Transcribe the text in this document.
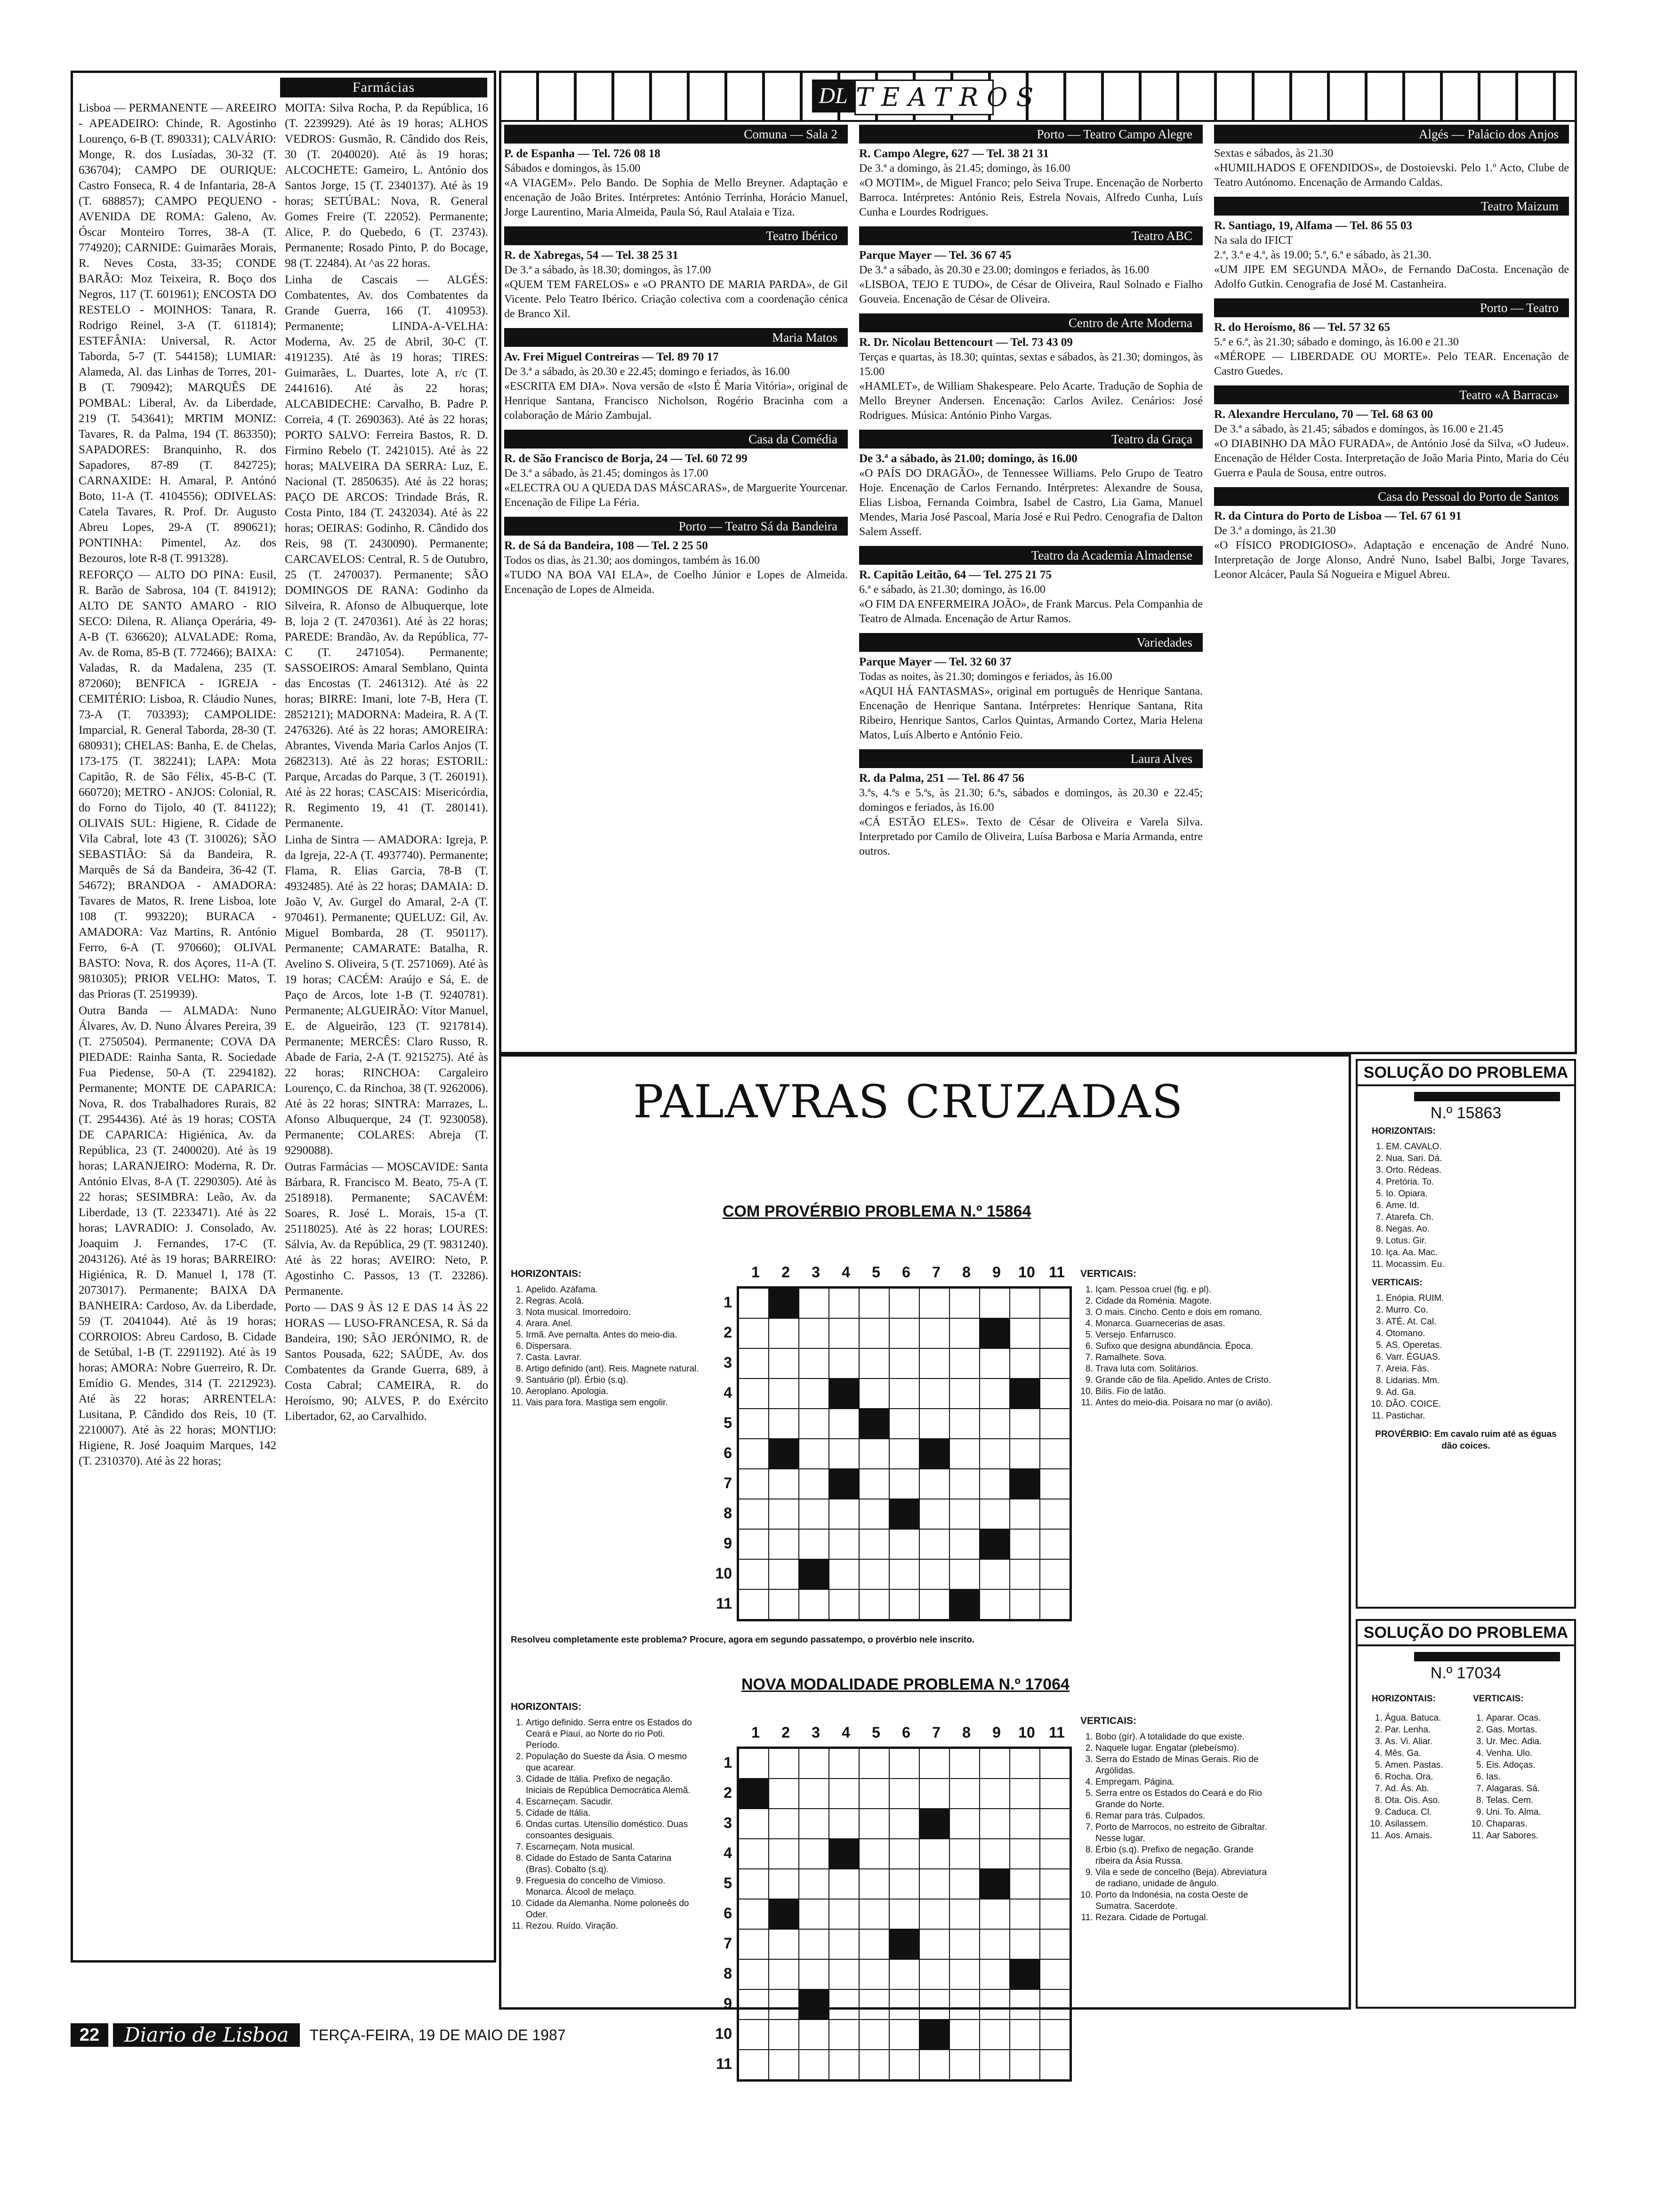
Farmácias

Lisboa — PERMANENTE — AREEIRO - APEADEIRO: Chinde, R. Agostinho Lourenço, 6-B (T. 890331); CALVÁRIO: Monge, R. dos Lusíadas, 30-32 (T. 636704); CAMPO DE OURIQUE: Castro Fonseca, R. 4 de Infantaria, 28-A (T. 688857); CAMPO PEQUENO - AVENIDA DE ROMA: Galeno, Av. Óscar Monteiro Torres, 38-A (T. 774920); CARNIDE: Guimarães Morais, R. Neves Costa, 33-35; CONDE BARÃO: Moz Teixeira, R. Boço dos Negros, 117 (T. 601961); ENCOSTA DO RESTELO - MOINHOS: Tanara, R. Rodrigo Reinel, 3-A (T. 611814); ESTEFÂNIA: Universal, R. Actor Taborda, 5-7 (T. 544158); LUMIAR: Alameda, Al. das Linhas de Torres, 201-B (T. 790942); MARQUÊS DE POMBAL: Liberal, Av. da Liberdade, 219 (T. 543641); MRTIM MONIZ: Tavares, R. da Palma, 194 (T. 863350); SAPADORES: Branquinho, R. dos Sapadores, 87-89 (T. 842725); CARNAXIDE: H. Amaral, P. Antónó Boto, 11-A (T. 4104556); ODIVELAS: Catela Tavares, R. Prof. Dr. Augusto Abreu Lopes, 29-A (T. 890621); PONTINHA: Pimentel, Az. dos Bezouros, lote R-8 (T. 991328).

REFORÇO — ALTO DO PINA: Eusil, R. Barão de Sabrosa, 104 (T. 841912); ALTO DE SANTO AMARO - RIO SECO: Dilena, R. Aliança Operária, 49-A-B (T. 636620); ALVALADE: Roma, Av. de Roma, 85-B (T. 772466); BAIXA: Valadas, R. da Madalena, 235 (T. 872060); BENFICA - IGREJA - CEMITÉRIO: Lisboa, R. Cláudio Nunes, 73-A (T. 703393); CAMPOLIDE: Imparcial, R. General Taborda, 28-30 (T. 680931); CHELAS: Banha, E. de Chelas, 173-175 (T. 382241); LAPA: Mota Capitão, R. de São Félix, 45-B-C (T. 660720); METRO - ANJOS: Colonial, R. do Forno do Tijolo, 40 (T. 841122); OLIVAIS SUL: Higiene, R. Cidade de Vila Cabral, lote 43 (T. 310026); SÃO SEBASTIÃO: Sá da Bandeira, R. Marquês de Sá da Bandeira, 36-42 (T. 54672); BRANDOA - AMADORA: Tavares de Matos, R. Irene Lisboa, lote 108 (T. 993220); BURACA - AMADORA: Vaz Martins, R. António Ferro, 6-A (T. 970660); OLIVAL BASTO: Nova, R. dos Açores, 11-A (T. 9810305); PRIOR VELHO: Matos, T. das Prioras (T. 2519939).

Outra Banda — ALMADA: Nuno Álvares, Av. D. Nuno Álvares Pereira, 39 (T. 2750504). Permanente; COVA DA PIEDADE: Rainha Santa, R. Sociedade Fua Piedense, 50-A (T. 2294182). Permanente; MONTE DE CAPARICA: Nova, R. dos Trabalhadores Rurais, 82 (T. 2954436). Até às 19 horas; COSTA DE CAPARICA: Higiénica, Av. da República, 23 (T. 2400020). Até às 19 horas; LARANJEIRO: Moderna, R. Dr. António Elvas, 8-A (T. 2290305). Até às 22 horas; SESIMBRA: Leão, Av. da Liberdade, 13 (T. 2233471). Até às 22 horas; LAVRADIO: J. Consolado, Av. Joaquim J. Fernandes, 17-C (T. 2043126). Até às 19 horas; BARREIRO: Higiénica, R. D. Manuel I, 178 (T. 2073017). Permanente; BAIXA DA BANHEIRA: Cardoso, Av. da Liberdade, 59 (T. 2041044). Até às 19 horas; CORROIOS: Abreu Cardoso, B. Cidade de Setúbal, 1-B (T. 2291192). Até às 19 horas; AMORA: Nobre Guerreiro, R. Dr. Emídio G. Mendes, 314 (T. 2212923). Até às 22 horas; ARRENTELA: Lusitana, P. Cândido dos Reis, 10 (T. 2210007). Até às 22 horas; MONTIJO: Higiene, R. José Joaquim Marques, 142 (T. 2310370). Até às 22 horas;

MOITA: Silva Rocha, P. da República, 16 (T. 2239929). Até às 19 horas; ALHOS VEDROS: Gusmão, R. Cândido dos Reis, 30 (T. 2040020). Até às 19 horas; ALCOCHETE: Gameiro, L. António dos Santos Jorge, 15 (T. 2340137). Até às 19 horas; SETÚBAL: Nova, R. General Gomes Freire (T. 22052). Permanente; Alice, P. do Quebedo, 6 (T. 23743). Permanente; Rosado Pinto, P. do Bocage, 98 (T. 22484). At ^as 22 horas.

Linha de Cascais — ALGÉS: Combatentes, Av. dos Combatentes da Grande Guerra, 166 (T. 410953). Permanente; LINDA-A-VELHA: Moderna, Av. 25 de Abril, 30-C (T. 4191235). Até às 19 horas; TIRES: Guimarães, L. Duartes, lote A, r/c (T. 2441616). Até às 22 horas; ALCABIDECHE: Carvalho, B. Padre P. Correia, 4 (T. 2690363). Até às 22 horas; PORTO SALVO: Ferreira Bastos, R. D. Firmino Rebelo (T. 2421015). Até às 22 horas; MALVEIRA DA SERRA: Luz, E. Nacional (T. 2850635). Até às 22 horas; PAÇO DE ARCOS: Trindade Brás, R. Costa Pinto, 184 (T. 2432034). Até às 22 horas; OEIRAS: Godinho, R. Cândido dos Reis, 98 (T. 2430090). Permanente; CARCAVELOS: Central, R. 5 de Outubro, 25 (T. 2470037). Permanente; SÃO DOMINGOS DE RANA: Godinho da Silveira, R. Afonso de Albuquerque, lote B, loja 2 (T. 2470361). Até às 22 horas; PAREDE: Brandão, Av. da República, 77-C (T. 2471054). Permanente; SASSOEIROS: Amaral Semblano, Quinta das Encostas (T. 2461312). Até às 22 horas; BIRRE: Imani, lote 7-B, Hera (T. 2852121); MADORNA: Madeira, R. A (T. 2476326). Até às 22 horas; AMOREIRA: Abrantes, Vivenda Maria Carlos Anjos (T. 2682313). Até às 22 horas; ESTORIL: Parque, Arcadas do Parque, 3 (T. 260191). Até às 22 horas; CASCAIS: Misericórdia, R. Regimento 19, 41 (T. 280141). Permanente.

Linha de Sintra — AMADORA: Igreja, P. da Igreja, 22-A (T. 4937740). Permanente; Flama, R. Elias Garcia, 78-B (T. 4932485). Até às 22 horas; DAMAIA: D. João V, Av. Gurgel do Amaral, 2-A (T. 970461). Permanente; QUELUZ: Gil, Av. Miguel Bombarda, 28 (T. 950117). Permanente; CAMARATE: Batalha, R. Avelino S. Oliveira, 5 (T. 2571069). Até às 19 horas; CACÉM: Araújo e Sá, E. de Paço de Arcos, lote 1-B (T. 9240781). Permanente; ALGUEIRÃO: Vítor Manuel, E. de Algueirão, 123 (T. 9217814). Permanente; MERCÊS: Claro Russo, R. Abade de Faria, 2-A (T. 9215275). Até às 22 horas; RINCHOA: Cargaleiro Lourenço, C. da Rinchoa, 38 (T. 9262006). Até às 22 horas; SINTRA: Marrazes, L. Afonso Albuquerque, 24 (T. 9230058). Permanente; COLARES: Abreja (T. 9290088).

Outras Farmácias — MOSCAVIDE: Santa Bárbara, R. Francisco M. Beato, 75-A (T. 2518918). Permanente; SACAVÉM: Soares, R. José L. Morais, 15-a (T. 25118025). Até às 22 horas; LOURES: Sálvia, Av. da República, 29 (T. 9831240). Até às 22 horas; AVEIRO: Neto, P. Agostinho C. Passos, 13 (T. 23286). Permanente.

Porto — DAS 9 ÀS 12 E DAS 14 ÀS 22 HORAS — LUSO-FRANCESA, R. Sá da Bandeira, 190; SÃO JERÓNIMO, R. de Santos Pousada, 622; SAÚDE, Av. dos Combatentes da Grande Guerra, 689, à Costa Cabral; CAMEIRA, R. do Heroísmo, 90; ALVES, P. do Exército Libertador, 62, ao Carvalhido.

DL TEATROS
Comuna — Sala 2
P. de Espanha — Tel. 726 08 18
Sábados e domingos, às 15.00
«A VIAGEM». Pelo Bando. De Sophia de Mello Breyner. Adaptação e encenação de João Brites. Intérpretes: António Terrinha, Horácio Manuel, Jorge Laurentino, Maria Almeida, Paula Só, Raul Atalaia e Tiza.
Teatro Ibérico
R. de Xabregas, 54 — Tel. 38 25 31
De 3.ª a sábado, às 18.30; domingos, às 17.00
«QUEM TEM FARELOS» e «O PRANTO DE MARIA PARDA», de Gil Vicente. Pelo Teatro Ibérico. Criação colectiva com a coordenação cénica de Branco Xil.
Maria Matos
Av. Frei Miguel Contreiras — Tel. 89 70 17
De 3.ª a sábado, às 20.30 e 22.45; domingo e feriados, às 16.00
«ESCRITA EM DIA». Nova versão de «Isto É Maria Vitória», original de Henrique Santana, Francisco Nicholson, Rogério Bracinha com a colaboração de Mário Zambujal.
Casa da Comédia
R. de São Francisco de Borja, 24 — Tel. 60 72 99
De 3.ª a sábado, às 21.45; domingos às 17.00
«ELECTRA OU A QUEDA DAS MÁSCARAS», de Marguerite Yourcenar. Encenação de Filipe La Féria.
Porto — Teatro Sá da Bandeira
R. de Sá da Bandeira, 108 — Tel. 2 25 50
Todos os dias, às 21.30; aos domingos, também às 16.00
«TUDO NA BOA VAI ELA», de Coelho Júnior e Lopes de Almeida. Encenação de Lopes de Almeida.
Porto — Teatro Campo Alegre
R. Campo Alegre, 627 — Tel. 38 21 31
De 3.ª a domingo, às 21.45; domingo, às 16.00
«O MOTIM», de Miguel Franco; pelo Seiva Trupe. Encenação de Norberto Barroca. Intérpretes: António Reis, Estrela Novais, Alfredo Cunha, Luís Cunha e Lourdes Rodrigues.
Teatro ABC
Parque Mayer — Tel. 36 67 45
De 3.ª a sábado, às 20.30 e 23.00; domingos e feriados, às 16.00
«LISBOA, TEJO E TUDO», de César de Oliveira, Raul Solnado e Fialho Gouveia. Encenação de César de Oliveira.
Centro de Arte Moderna
R. Dr. Nicolau Bettencourt — Tel. 73 43 09
Terças e quartas, às 18.30; quintas, sextas e sábados, às 21.30; domingos, às 15.00
«HAMLET», de William Shakespeare. Pelo Acarte. Tradução de Sophia de Mello Breyner Andersen. Encenação: Carlos Avilez. Cenários: José Rodrigues. Música: António Pinho Vargas.
Teatro da Graça
De 3.ª a sábado, às 21.00; domingo, às 16.00
«O PAÍS DO DRAGÃO», de Tennessee Williams. Pelo Grupo de Teatro Hoje. Encenação de Carlos Fernando. Intérpretes: Alexandre de Sousa, Elias Lisboa, Fernanda Coimbra, Isabel de Castro, Lia Gama, Manuel Mendes, Maria José Pascoal, Maria José e Rui Pedro. Cenografia de Dalton Salem Asseff.
Teatro da Academia Almadense
R. Capitão Leitão, 64 — Tel. 275 21 75
6.ª e sábado, às 21.30; domingo, às 16.00
«O FIM DA ENFERMEIRA JOÃO», de Frank Marcus. Pela Companhia de Teatro de Almada. Encenação de Artur Ramos.
Variedades
Parque Mayer — Tel. 32 60 37
Todas as noites, às 21.30; domingos e feriados, às 16.00
«AQUI HÁ FANTASMAS», original em português de Henrique Santana. Encenação de Henrique Santana. Intérpretes: Henrique Santana, Rita Ribeiro, Henrique Santos, Carlos Quintas, Armando Cortez, Maria Helena Matos, Luís Alberto e António Feio.
Laura Alves
R. da Palma, 251 — Tel. 86 47 56
3.ªs, 4.ªs e 5.ªs, às 21.30; 6.ªs, sábados e domingos, às 20.30 e 22.45; domingos e feriados, às 16.00
«CÁ ESTÃO ELES». Texto de César de Oliveira e Varela Silva. Interpretado por Camilo de Oliveira, Luísa Barbosa e Maria Armanda, entre outros.
Algés — Palácio dos Anjos
Sextas e sábados, às 21.30
«HUMILHADOS E OFENDIDOS», de Dostoievski. Pelo 1.º Acto, Clube de Teatro Autónomo. Encenação de Armando Caldas.
Teatro Maizum
R. Santiago, 19, Alfama — Tel. 86 55 03
Na sala do IFICT
2.ª, 3.ª e 4.ª, às 19.00; 5.ª, 6.ª e sábado, às 21.30.
«UM JIPE EM SEGUNDA MÃO», de Fernando DaCosta. Encenação de Adolfo Gutkin. Cenografia de José M. Castanheira.
Porto — Teatro
R. do Heroísmo, 86 — Tel. 57 32 65
5.ª e 6.ª, às 21.30; sábado e domingo, às 16.00 e 21.30
«MÉROPE — LIBERDADE OU MORTE». Pelo TEAR. Encenação de Castro Guedes.
Teatro «A Barraca»
R. Alexandre Herculano, 70 — Tel. 68 63 00
De 3.ª a sábado, às 21.45; sábados e domingos, às 16.00 e 21.45
«O DIABINHO DA MÃO FURADA», de António José da Silva, «O Judeu». Encenação de Hélder Costa. Interpretação de João Maria Pinto, Maria do Céu Guerra e Paula de Sousa, entre outros.
Casa do Pessoal do Porto de Santos
R. da Cintura do Porto de Lisboa — Tel. 67 61 91
De 3.ª a domingo, às 21.30
«O FÍSICO PRODIGIOSO». Adaptação e encenação de André Nuno. Interpretação de Jorge Alonso, André Nuno, Isabel Balbi, Jorge Tavares, Leonor Alcácer, Paula Sá Nogueira e Miguel Abreu.
PALAVRAS CRUZADAS
COM PROVÉRBIO PROBLEMA N.º 15864
HORIZONTAIS:
1. Apelido. Azáfama.
2. Regras. Acolá.
3. Nota musical. Imorredoiro.
4. Arara. Anel.
5. Irmã. Ave pernalta. Antes do meio-dia.
6. Dispersara.
7. Casta. Lavrar.
8. Artigo definido (ant). Reis. Magnete natural.
9. Santuário (pl). Érbio (s.q).
10. Aeroplano. Apologia.
11. Vais para fora. Mastiga sem engolir.
1	2	3	4	5	6	7	8	9	10 11
1
2
3
4
5
6
7
8
9
10
11
VERTICAIS:
1. Içam. Pessoa cruel (fig. e pl).
2. Cidade da Roménia. Magote.
3. O mais. Cincho. Cento e dois em romano.
4. Monarca. Guarnecerias de asas.
5. Versejo. Enfarrusco.
6. Sufixo que designa abundância. Época.
7. Ramalhete. Sova.
8. Trava luta com. Solitários.
9. Grande cão de fila. Apelido. Antes de Cristo.
10. Bilis. Fio de latão.
11. Antes do meio-dia. Poisara no mar (o avião).
Resolveu completamente este problema? Procure, agora em segundo passatempo, o provérbio nele inscrito.
NOVA MODALIDADE PROBLEMA N.º 17064
HORIZONTAIS:
1. Artigo definido. Serra entre os Estados do Ceará e Piauí, ao Norte do rio Poti. Período.
2. População do Sueste da Ásia. O mesmo que acarear.
3. Cidade de Itália. Prefixo de negação. Iniciais de República Democrática Alemã.
4. Escarneçam. Sacudir.
5. Cidade de Itália.
6. Ondas curtas. Utensílio doméstico. Duas consoantes desiguais.
7. Escarneçam. Nota musical.
8. Cidade do Estado de Santa Catarina (Bras). Cobalto (s.q).
9. Freguesia do concelho de Vimioso. Monarca. Álcool de melaço.
10. Cidade da Alemanha. Nome poloneês do Oder.
11. Rezou. Ruído. Viração.
1	2	3	4	5	6	7	8	9	10 11
1
2
3
4
5
6
7
8
9
10
11
VERTICAIS:
1. Bobo (gír). A totalidade do que existe.
2. Naquele lugar. Engatar (plebeísmo).
3. Serra do Estado de Minas Gerais. Rio de Argólidas.
4. Empregam. Página.
5. Serra entre os Estados do Ceará e do Rio Grande do Norte.
6. Remar para trás. Culpados.
7. Porto de Marrocos, no estreito de Gibraltar. Nesse lugar.
8. Érbio (s.q). Prefixo de negação. Grande ribeira da Ásia Russa.
9. Vila e sede de concelho (Beja). Abreviatura de radiano, unidade de ângulo.
10. Porto da Indonésia, na costa Oeste de Sumatra. Sacerdote.
11. Rezara. Cidade de Portugal.
SOLUÇÃO DO PROBLEMA
N.º 15863
HORIZONTAIS:
1. EM. CAVALO.
2. Nua. Sari. Dá.
3. Orto. Rédeas.
4. Pretória. To.
5. Io. Opiara.
6. Ame. Id.
7. Atarefa. Ch.
8. Negas. Ao.
9. Lotus. Gir.
10. Iça. Aa. Mac.
11. Mocassim. Eu.
VERTICAIS:
1. Enópia. RUIM.
2. Murro. Co.
3. ATÉ. At. Cal.
4. Otomano.
5. AS. Operetas.
6. Varr. ÉGUAS.
7. Areia. Fás.
8. Lidarias. Mm.
9. Ad. Ga.
10. DÃO. COICE.
11. Pastichar.
PROVÉRBIO: Em cavalo ruim até as éguas dão coices.
SOLUÇÃO DO PROBLEMA
N.º 17034
HORIZONTAIS:
1. Água. Batuca.
2. Par. Lenha.
3. As. Vi. Aliar.
4. Mês. Ga.
5. Amen. Pastas.
6. Rocha. Ora.
7. Ad. Ás. Ab.
8. Ota. Ois. Aso.
9. Caduca. Cl.
10. Asilassem.
11. Aos. Amais.
VERTICAIS:
1. Aparar. Ocas.
2. Gas. Mortas.
3. Ur. Mec. Adia.
4. Venha. Ulo.
5. Eis. Adoças.
6. Ias.
7. Alagaras. Sá.
8. Telas. Cem.
9. Uni. To. Alma.
10. Chaparas.
11. Aar Sabores.
22	Diario de Lisboa	TERÇA-FEIRA, 19 DE MAIO DE 1987
